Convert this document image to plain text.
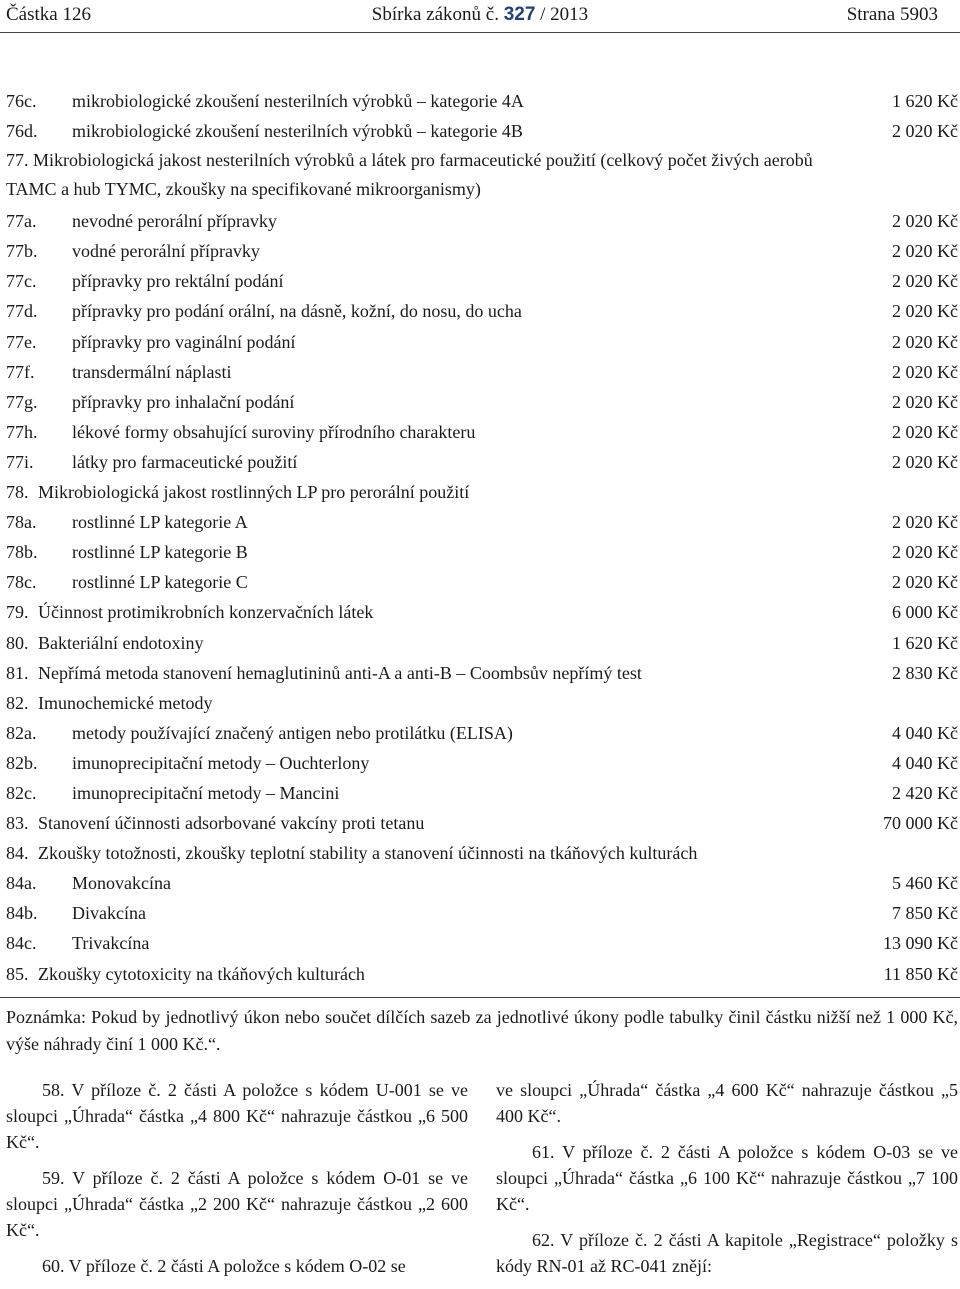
Částka 126	Sbírka zákonů č. 327 / 2013	Strana 5903
76c. mikrobiologické zkoušení nesterilních výrobků – kategorie 4A	1 620 Kč
76d. mikrobiologické zkoušení nesterilních výrobků – kategorie 4B	2 020 Kč
77. Mikrobiologická jakost nesterilních výrobků a látek pro farmaceutické použití (celkový počet živých aerobů TAMC a hub TYMC, zkoušky na specifikované mikroorganismy)
77a. nevodné perorální přípravky	2 020 Kč
77b. vodné perorální přípravky	2 020 Kč
77c. přípravky pro rektální podání	2 020 Kč
77d. přípravky pro podání orální, na dásně, kožní, do nosu, do ucha	2 020 Kč
77e. přípravky pro vaginální podání	2 020 Kč
77f. transdermální náplasti	2 020 Kč
77g. přípravky pro inhalační podání	2 020 Kč
77h. lékové formy obsahující suroviny přírodního charakteru	2 020 Kč
77i. látky pro farmaceutické použití	2 020 Kč
78. Mikrobiologická jakost rostlinných LP pro perorální použití
78a. rostlinné LP kategorie A	2 020 Kč
78b. rostlinné LP kategorie B	2 020 Kč
78c. rostlinné LP kategorie C	2 020 Kč
79. Účinnost protimikrobních konzervačních látek	6 000 Kč
80. Bakteriální endotoxiny	1 620 Kč
81. Nepřímá metoda stanovení hemaglutininů anti-A a anti-B – Coombsův nepřímý test	2 830 Kč
82. Imunochemické metody
82a. metody používající značený antigen nebo protilátku (ELISA)	4 040 Kč
82b. imunoprecipitační metody – Ouchterlony	4 040 Kč
82c. imunoprecipitační metody – Mancini	2 420 Kč
83. Stanovení účinnosti adsorbované vakcíny proti tetanu	70 000 Kč
84. Zkoušky totožnosti, zkoušky teplotní stability a stanovení účinnosti na tkáňových kulturách
84a. Monovakcína	5 460 Kč
84b. Divakcína	7 850 Kč
84c. Trivakcína	13 090 Kč
85. Zkoušky cytotoxicity na tkáňových kulturách	11 850 Kč
Poznámka: Pokud by jednotlivý úkon nebo součet dílčích sazeb za jednotlivé úkony podle tabulky činil částku nižší než 1 000 Kč, výše náhrady činí 1 000 Kč.“.

58. V příloze č. 2 části A položce s kódem U-001 se ve sloupci „Úhrada“ částka „4 800 Kč“ nahrazuje částkou „6 500 Kč“.

59. V příloze č. 2 části A položce s kódem O-01 se ve sloupci „Úhrada“ částka „2 200 Kč“ nahrazuje částkou „2 600 Kč“.

60. V příloze č. 2 části A položce s kódem O-02 se

ve sloupci „Úhrada“ částka „4 600 Kč“ nahrazuje částkou „5 400 Kč“.

61. V příloze č. 2 části A položce s kódem O-03 se ve sloupci „Úhrada“ částka „6 100 Kč“ nahrazuje částkou „7 100 Kč“.

62. V příloze č. 2 části A kapitole „Registrace“ položky s kódy RN-01 až RC-041 znějí:
